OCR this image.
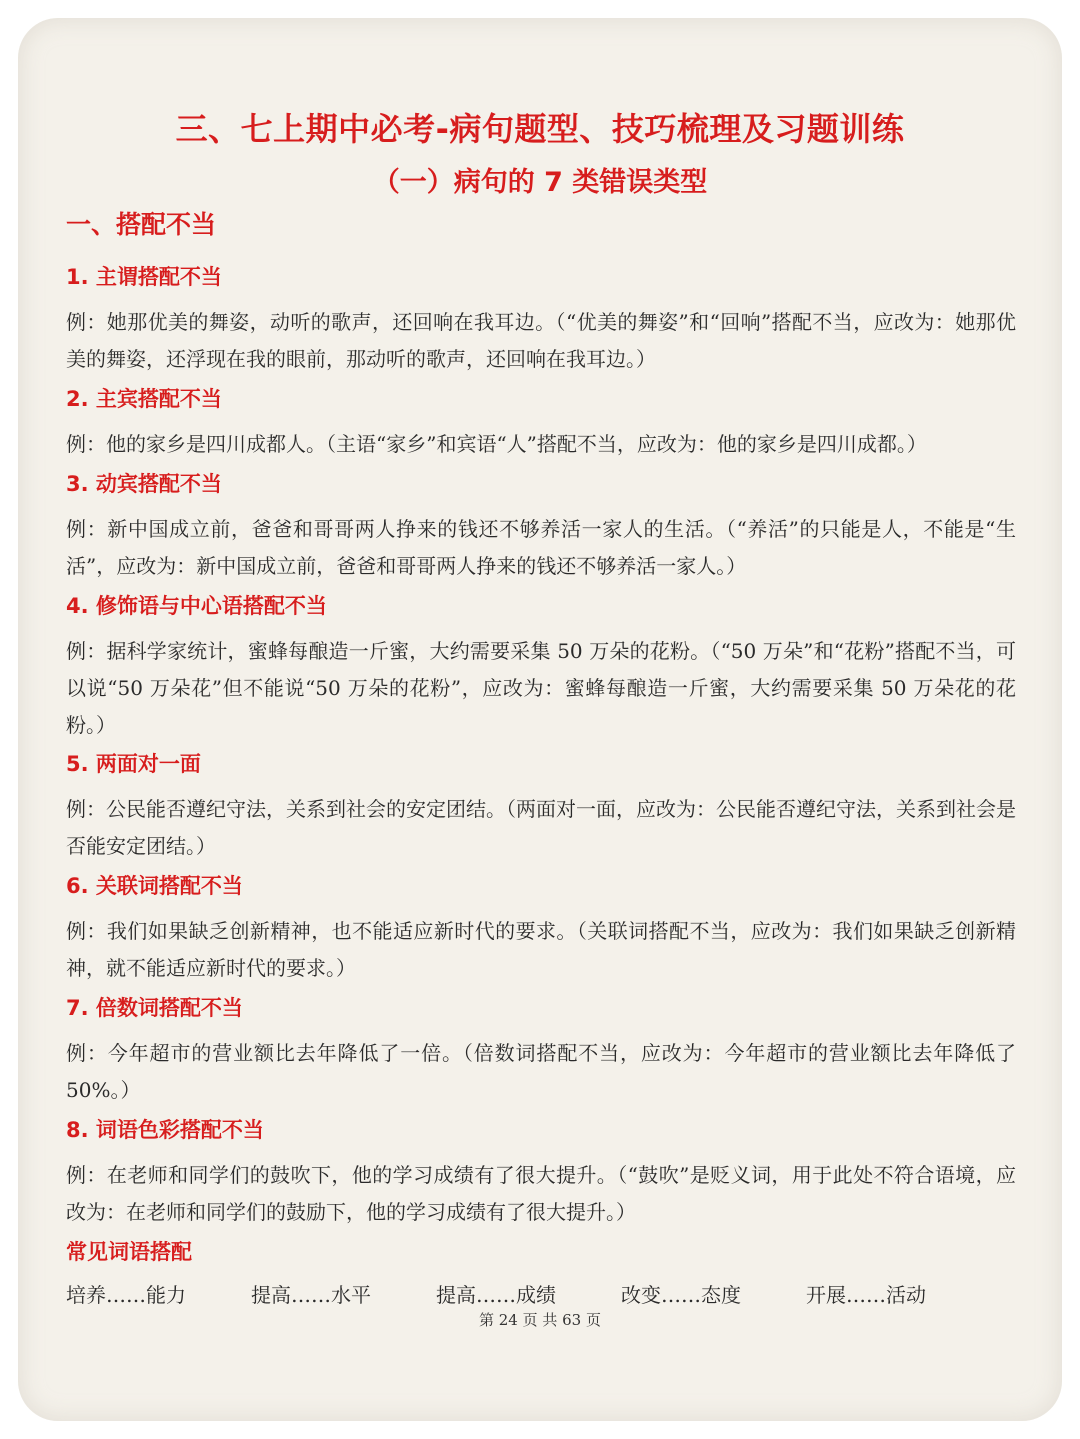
三、七上期中必考-病句题型、技巧梳理及习题训练
（一）病句的 7 类错误类型
一、搭配不当
1. 主谓搭配不当
例：她那优美的舞姿，动听的歌声，还回响在我耳边。（“优美的舞姿”和“回响”搭配不当，应改为：她那优美的舞姿，还浮现在我的眼前，那动听的歌声，还回响在我耳边。）
2. 主宾搭配不当
例：他的家乡是四川成都人。（主语“家乡”和宾语“人”搭配不当，应改为：他的家乡是四川成都。）
3. 动宾搭配不当
例：新中国成立前，爸爸和哥哥两人挣来的钱还不够养活一家人的生活。（“养活”的只能是人，不能是“生活”，应改为：新中国成立前，爸爸和哥哥两人挣来的钱还不够养活一家人。）
4. 修饰语与中心语搭配不当
例：据科学家统计，蜜蜂每酿造一斤蜜，大约需要采集 50 万朵的花粉。（“50 万朵”和“花粉”搭配不当，可以说“50 万朵花”但不能说“50 万朵的花粉”，应改为：蜜蜂每酿造一斤蜜，大约需要采集 50 万朵花的花粉。）
5. 两面对一面
例：公民能否遵纪守法，关系到社会的安定团结。（两面对一面，应改为：公民能否遵纪守法，关系到社会是否能安定团结。）
6. 关联词搭配不当
例：我们如果缺乏创新精神，也不能适应新时代的要求。（关联词搭配不当，应改为：我们如果缺乏创新精神，就不能适应新时代的要求。）
7. 倍数词搭配不当
例：今年超市的营业额比去年降低了一倍。（倍数词搭配不当，应改为：今年超市的营业额比去年降低了 50%。）
8. 词语色彩搭配不当
例：在老师和同学们的鼓吹下，他的学习成绩有了很大提升。（“鼓吹”是贬义词，用于此处不符合语境，应改为：在老师和同学们的鼓励下，他的学习成绩有了很大提升。）
常见词语搭配
培养……能力	提高……水平	提高……成绩	改变……态度	开展……活动
第 24 页 共 63 页
